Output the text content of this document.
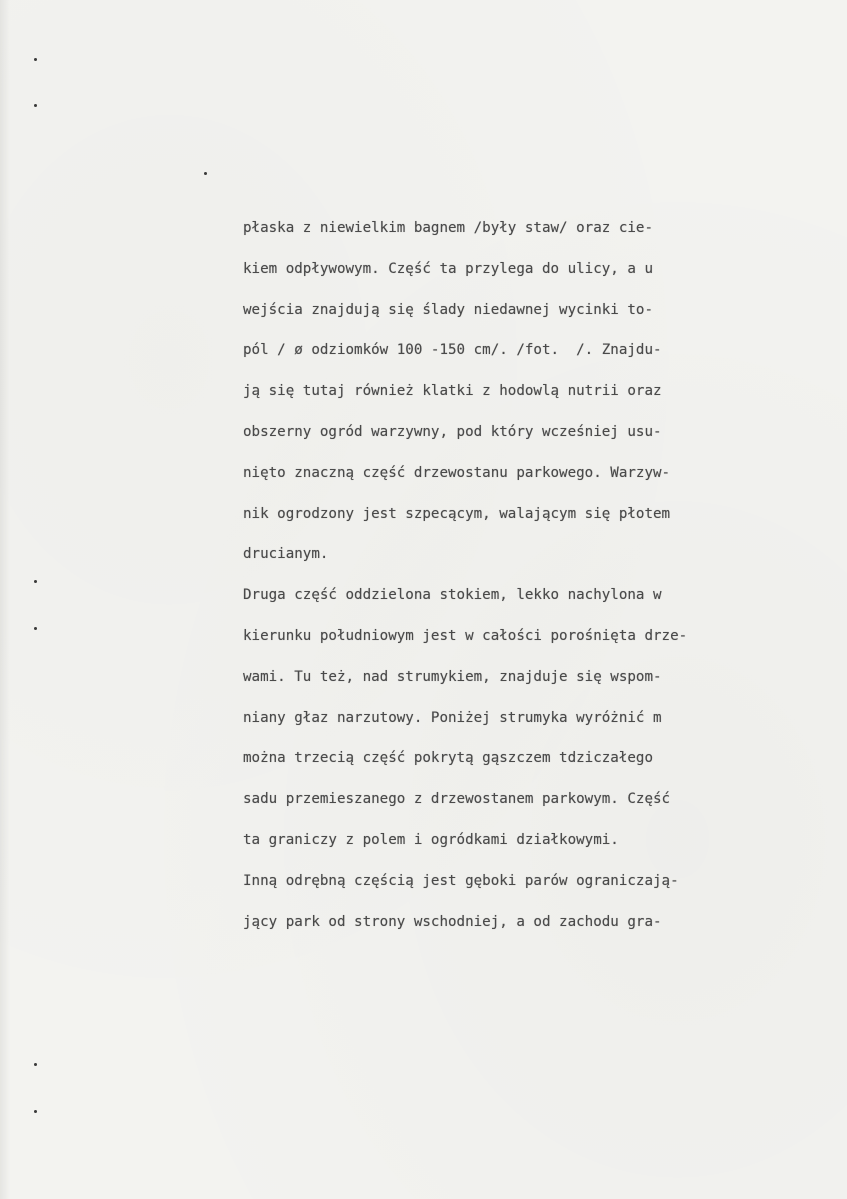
płaska z niewielkim bagnem /były staw/ oraz cie-
kiem odpływowym. Część ta przylega do ulicy, a u
wejścia znajdują się ślady niedawnej wycinki to-
pól / ø odziomków 100 -150 cm/. /fot.  /. Znajdu-
ją się tutaj również klatki z hodowlą nutrii oraz
obszerny ogród warzywny, pod który wcześniej usu-
nięto znaczną część drzewostanu parkowego. Warzyw-
nik ogrodzony jest szpecącym, walającym się płotem
drucianym.
Druga część oddzielona stokiem, lekko nachylona w
kierunku południowym jest w całości porośnięta drze-
wami. Tu też, nad strumykiem, znajduje się wspom-
niany głaz narzutowy. Poniżej strumyka wyróżnić m
można trzecią część pokrytą gąszczem tdziczałego
sadu przemieszanego z drzewostanem parkowym. Część
ta graniczy z polem i ogródkami działkowymi.
Inną odrębną częścią jest gęboki parów ograniczają-
jący park od strony wschodniej, a od zachodu gra-
